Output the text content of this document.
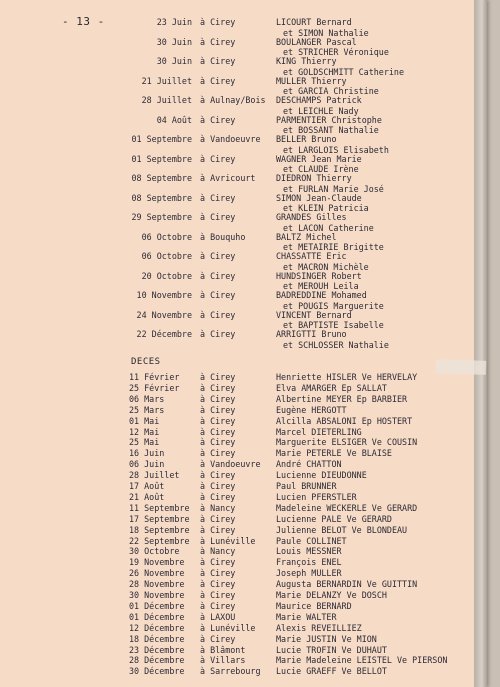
- 13 -	23 Juin à Cirey	LICOURT Bernard
et SIMON Nathalie
30 Juin à Cirey	BOULANGER Pascal
et STRICHER Véronique
30 Juin à Cirey	KING Thierry
et GOLDSCHMITT Catherine
21 Juillet à Cirey	MULLER Thierry
et GARCIA Christine
28 Juillet à Aulnay/Bois DESCHAMPS Patrick
et LEICHLE Nady
04 Août à Cirey	PARMENTIER Christophe
et BOSSANT Nathalie
01 Septembre à Vandoeuvre BELLER Bruno
et LARGLOIS Elisabeth
01 Septembre à Cirey	WAGNER Jean Marie
et CLAUDE Irène
08 Septembre à Avricourt DIEDRON Thierry
et FURLAN Marie José
08 Septembre à Cirey	SIMON Jean-Claude
et KLEIN Patricia
29 Septembre à Cirey	GRANDES Gilles
et LACON Catherine
06 Octobre à Bouquho	BALTZ Michel
et METAIRIE Brigitte
06 Octobre à Cirey	CHASSATTE Eric
et MACRON Michèle
20 Octobre à Cirey	HUNDSINGER Robert
et MEROUH Leila
10 Novembre à Cirey	BADREDDINE Mohamed
et POUGIS Marguerite
24 Novembre à Cirey	VINCENT Bernard
et BAPTISTE Isabelle
22 Décembre à Cirey	ARRIGTTI Bruno
et SCHLOSSER Nathalie
DECES
11 Février à Cirey	Henriette HISLER Ve HERVELAY
25 Février à Cirey	Elva AMARGER Ep SALLAT
06 Mars	à Cirey	Albertine MEYER Ep BARBIER
25 Mars	à Cirey	Eugène HERGOTT
01 Mai	à Cirey	Alcilla ABSALONI Ep HOSTERT
12 Mai	à Cirey	Marcel DIETERLING
25 Mai	à Cirey	Marguerite ELSIGER Ve COUSIN
16 Juin	à Cirey	Marie PETERLE Ve BLAISE
06 Juin	à Vandoeuvre André CHATTON
28 Juillet à Cirey	Lucienne DIEUDONNE
17 Août	à Cirey	Paul BRUNNER
21 Août	à Cirey	Lucien PFERSTLER
11 Septembre à Nancy	Madeleine WECKERLE Ve GERARD
17 Septembre à Cirey	Lucienne PALE Ve GERARD
18 Septembre à Cirey	Julienne BELOT Ve BLONDEAU
22 Septembre à Lunéville Paule COLLINET
30 Octobre à Nancy	Louis MESSNER
19 Novembre à Cirey	François ENEL
26 Novembre à Cirey	Joseph MULLER
28 Novembre à Cirey	Augusta BERNARDIN Ve GUITTIN
30 Novembre à Cirey	Marie DELANZY Ve DOSCH
01 Décembre à Cirey	Maurice BERNARD
01 Décembre à LAXOU	Marie WALTER
12 Décembre à Lunéville Alexis REVEILLIEZ
18 Décembre à Cirey	Marie JUSTIN Ve MION
23 Décembre à Blâmont	Lucie TROFIN Ve DUHAUT
28 Décembre à Villars	Marie Madeleine LEISTEL Ve PIERSON
30 Décembre à Sarrebourg Lucie GRAEFF Ve BELLOT
